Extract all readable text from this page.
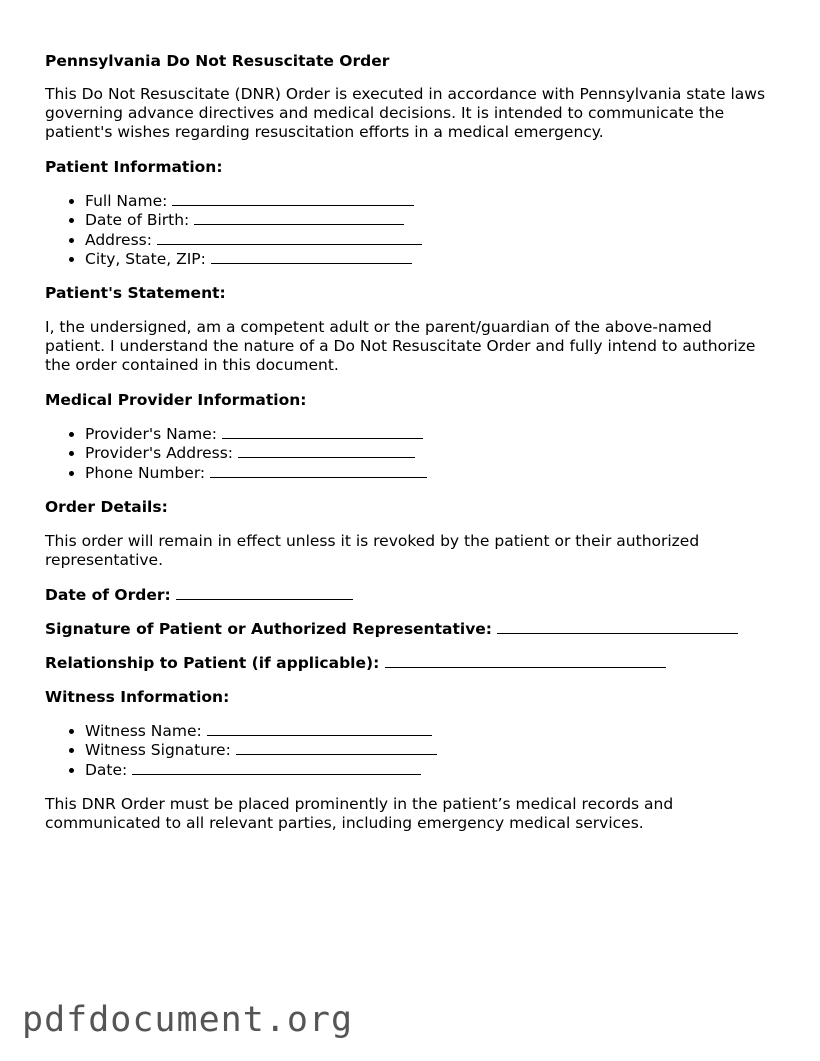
Pennsylvania Do Not Resuscitate Order

This Do Not Resuscitate (DNR) Order is executed in accordance with Pennsylvania state laws governing advance directives and medical decisions. It is intended to communicate the patient's wishes regarding resuscitation efforts in a medical emergency.

Patient Information:
• Full Name:
• Date of Birth:
• Address:
• City, State, ZIP:
Patient's Statement:

I, the undersigned, am a competent adult or the parent/guardian of the above-named patient. I understand the nature of a Do Not Resuscitate Order and fully intend to authorize the order contained in this document.

Medical Provider Information:
• Provider's Name:
• Provider's Address:
• Phone Number:
Order Details:

This order will remain in effect unless it is revoked by the patient or their authorized representative.

Date of Order:
Signature of Patient or Authorized Representative:
Relationship to Patient (if applicable):
Witness Information:
• Witness Name:
• Witness Signature:
• Date:

This DNR Order must be placed prominently in the patient’s medical records and communicated to all relevant parties, including emergency medical services.

pdfdocument.org
